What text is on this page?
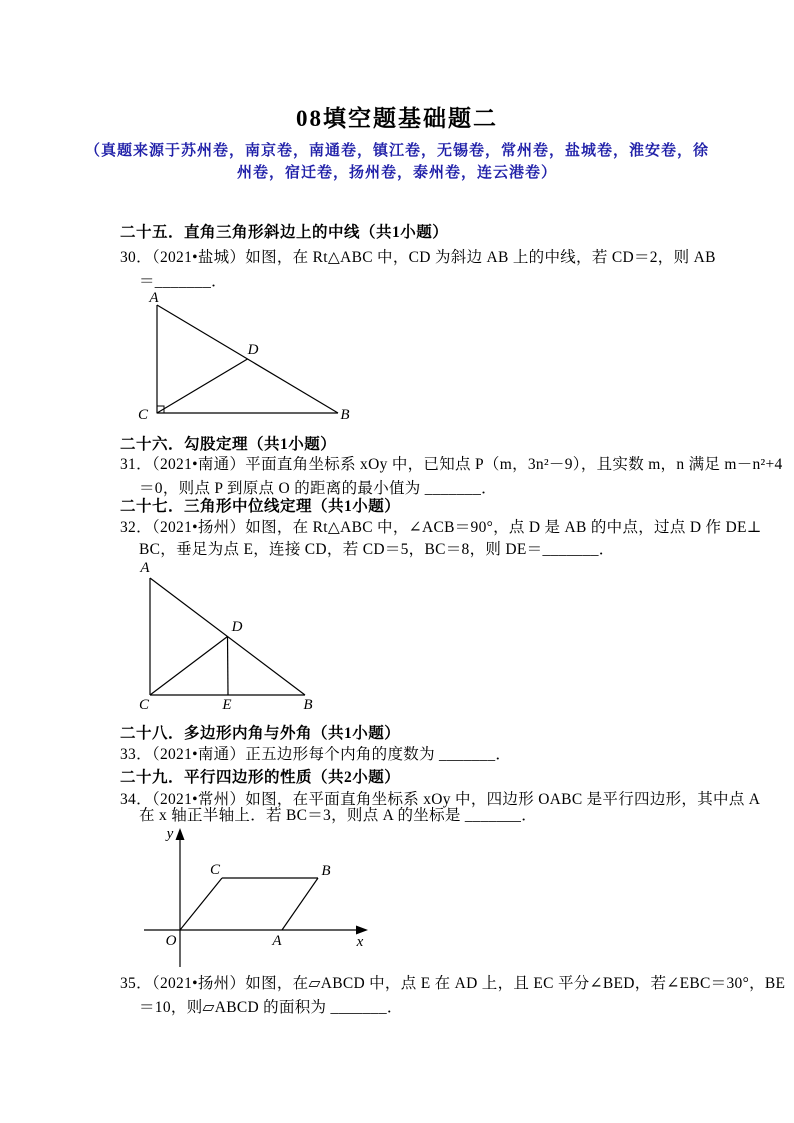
08填空题基础题二
（真题来源于苏州卷，南京卷，南通卷，镇江卷，无锡卷，常州卷，盐城卷，淮安卷，徐
州卷，宿迁卷，扬州卷，泰州卷，连云港卷）
二十五．直角三角形斜边上的中线（共1小题）
30．（2021•盐城）如图，在 Rt△ABC 中，CD 为斜边 AB 上的中线，若 CD＝2，则 AB
＝_______．
A
C	B
D
二十六．勾股定理（共1小题）
31．（2021•南通）平面直角坐标系 xOy 中，已知点 P（m，3n²－9），且实数 m，n 满足 m－n²+4
＝0，则点 P 到原点 O 的距离的最小值为 _______．
二十七．三角形中位线定理（共1小题）
32．（2021•扬州）如图，在 Rt△ABC 中，∠ACB＝90°，点 D 是 AB 的中点，过点 D 作 DE⊥
BC，垂足为点 E，连接 CD，若 CD＝5，BC＝8，则 DE＝_______．
A
C	E	B
D
二十八．多边形内角与外角（共1小题）
33．（2021•南通）正五边形每个内角的度数为 _______．
二十九．平行四边形的性质（共2小题）
34．（2021•常州）如图，在平面直角坐标系 xOy 中，四边形 OABC 是平行四边形，其中点 A
在 x 轴正半轴上．若 BC＝3，则点 A 的坐标是 _______．
y
x
O
C	B
A
35．（2021•扬州）如图，在▱ABCD 中，点 E 在 AD 上，且 EC 平分∠BED，若∠EBC＝30°，BE
＝10，则▱ABCD 的面积为 _______．
